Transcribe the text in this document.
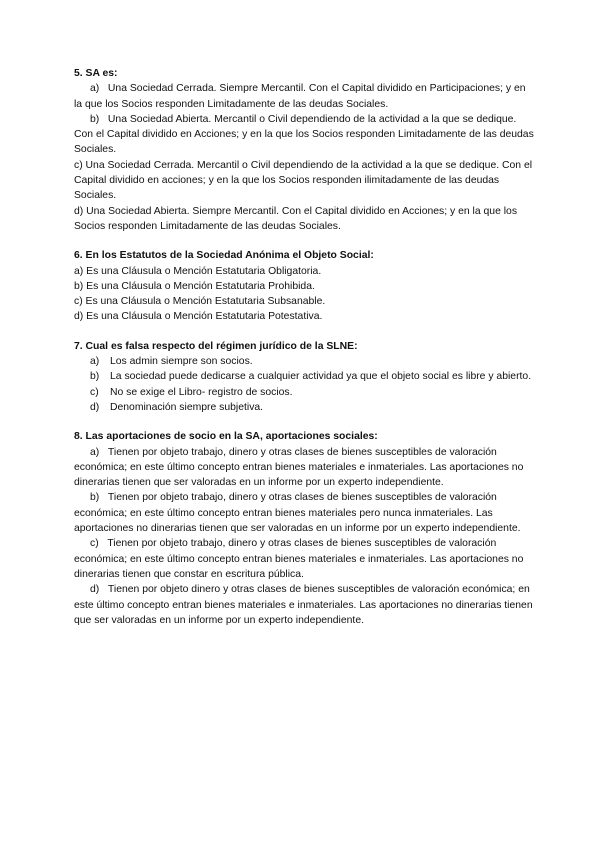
5. SA es:
a) Una Sociedad Cerrada. Siempre Mercantil. Con el Capital dividido en Participaciones; y en la que los Socios responden Limitadamente de las deudas Sociales.
b) Una Sociedad Abierta. Mercantil o Civil dependiendo de la actividad a la que se dedique. Con el Capital dividido en Acciones; y en la que los Socios responden Limitadamente de las deudas Sociales.
c) Una Sociedad Cerrada. Mercantil o Civil dependiendo de la actividad a la que se dedique. Con el Capital dividido en acciones; y en la que los Socios responden ilimitadamente de las deudas Sociales.
d) Una Sociedad Abierta. Siempre Mercantil. Con el Capital dividido en Acciones; y en la que los Socios responden Limitadamente de las deudas Sociales.
6. En los Estatutos de la Sociedad Anónima el Objeto Social:
a) Es una Cláusula o Mención Estatutaria Obligatoria.
b) Es una Cláusula o Mención Estatutaria Prohibida.
c) Es una Cláusula o Mención Estatutaria Subsanable.
d) Es una Cláusula o Mención Estatutaria Potestativa.
7. Cual es falsa respecto del régimen jurídico de la SLNE:
a) Los admin siempre son socios.
b) La sociedad puede dedicarse a cualquier actividad ya que el objeto social es libre y abierto.
c) No se exige el Libro- registro de socios.
d) Denominación siempre subjetiva.
8. Las aportaciones de socio en la SA, aportaciones sociales:
a) Tienen por objeto trabajo, dinero y otras clases de bienes susceptibles de valoración económica; en este último concepto entran bienes materiales e inmateriales. Las aportaciones no dinerarias tienen que ser valoradas en un informe por un experto independiente.
b) Tienen por objeto trabajo, dinero y otras clases de bienes susceptibles de valoración económica; en este último concepto entran bienes materiales pero nunca inmateriales. Las aportaciones no dinerarias tienen que ser valoradas en un informe por un experto independiente.
c) Tienen por objeto trabajo, dinero y otras clases de bienes susceptibles de valoración económica; en este último concepto entran bienes materiales e inmateriales. Las aportaciones no dinerarias tienen que constar en escritura pública.
d) Tienen por objeto dinero y otras clases de bienes susceptibles de valoración económica; en este último concepto entran bienes materiales e inmateriales. Las aportaciones no dinerarias tienen que ser valoradas en un informe por un experto independiente.
